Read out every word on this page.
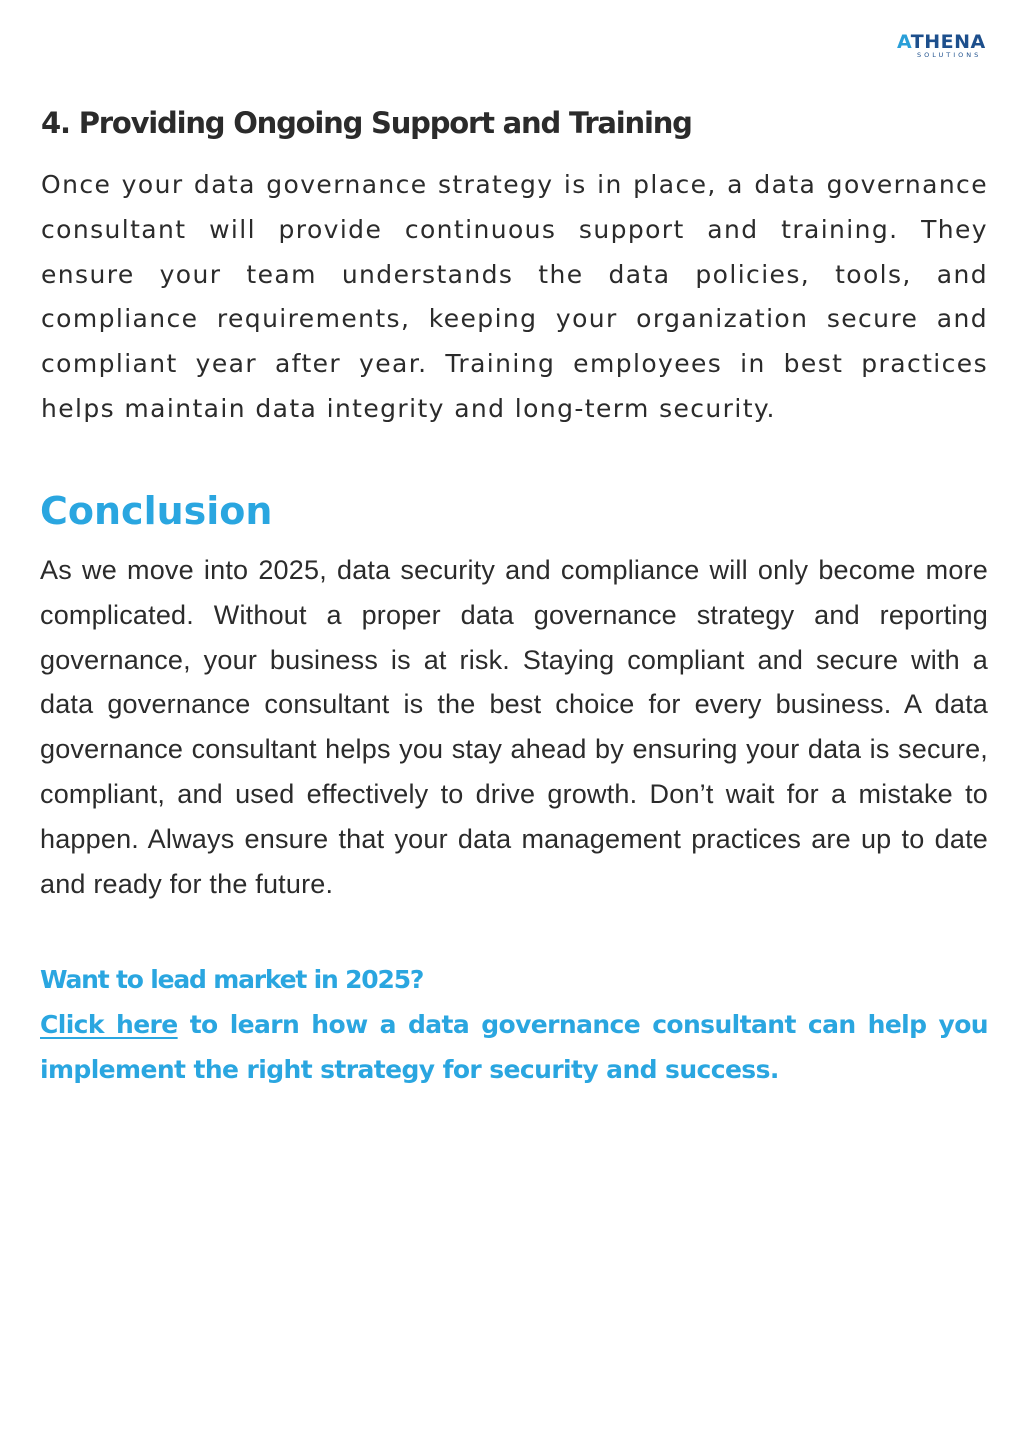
ATHENA
SOLUTIONS
4. Providing Ongoing Support and Training

Once your data governance strategy is in place, a data governance consultant will provide continuous support and training. They ensure your team understands the data policies, tools, and compliance requirements, keeping your organization secure and compliant year after year. Training employees in best practices helps maintain data integrity and long-term security.

Conclusion

As we move into 2025, data security and compliance will only become more complicated. Without a proper data governance strategy and reporting governance, your business is at risk. Staying compliant and secure with a data governance consultant is the best choice for every business. A data governance consultant helps you stay ahead by ensuring your data is secure, compliant, and used effectively to drive growth. Don’t wait for a mistake to happen. Always ensure that your data management practices are up to date and ready for the future.

Want to lead market in 2025?

Click here to learn how a data governance consultant can help you implement the right strategy for security and success.
